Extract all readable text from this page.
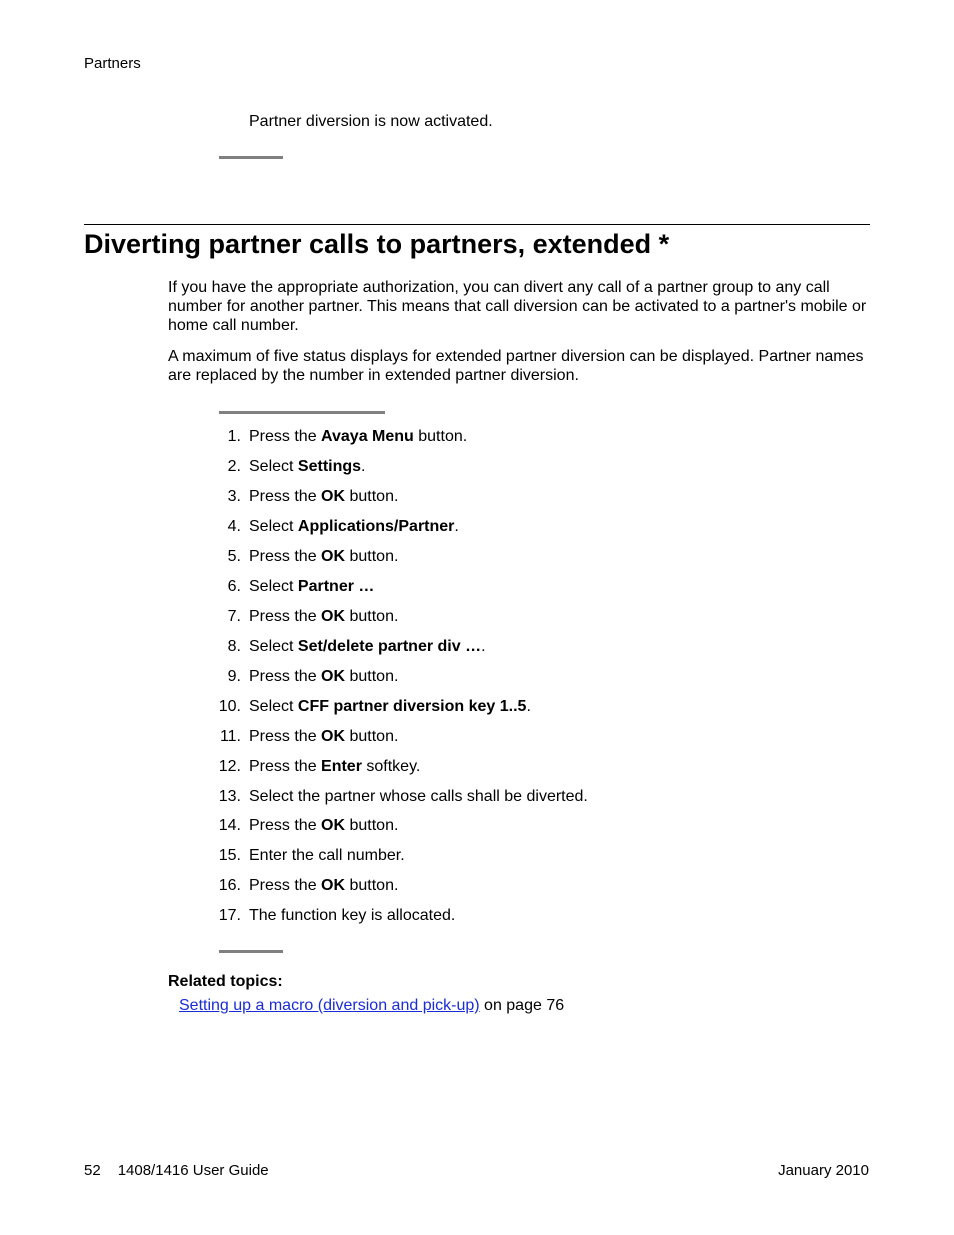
Partners
Partner diversion is now activated.
Diverting partner calls to partners, extended *

If you have the appropriate authorization, you can divert any call of a partner group to any call number for another partner. This means that call diversion can be activated to a partner's mobile or home call number.

A maximum of five status displays for extended partner diversion can be displayed. Partner names are replaced by the number in extended partner diversion.

1. Press the Avaya Menu button.
2. Select Settings.
3. Press the OK button.
4. Select Applications/Partner.
5. Press the OK button.
6. Select Partner …
7. Press the OK button.
8. Select Set/delete partner div ….
9. Press the OK button.
10. Select CFF partner diversion key 1..5.
11. Press the OK button.
12. Press the Enter softkey.
13. Select the partner whose calls shall be diverted.
14. Press the OK button.
15. Enter the call number.
16. Press the OK button.
17. The function key is allocated.
Related topics:
Setting up a macro (diversion and pick-up) on page 76
52 1408/1416 User Guide	January 2010
